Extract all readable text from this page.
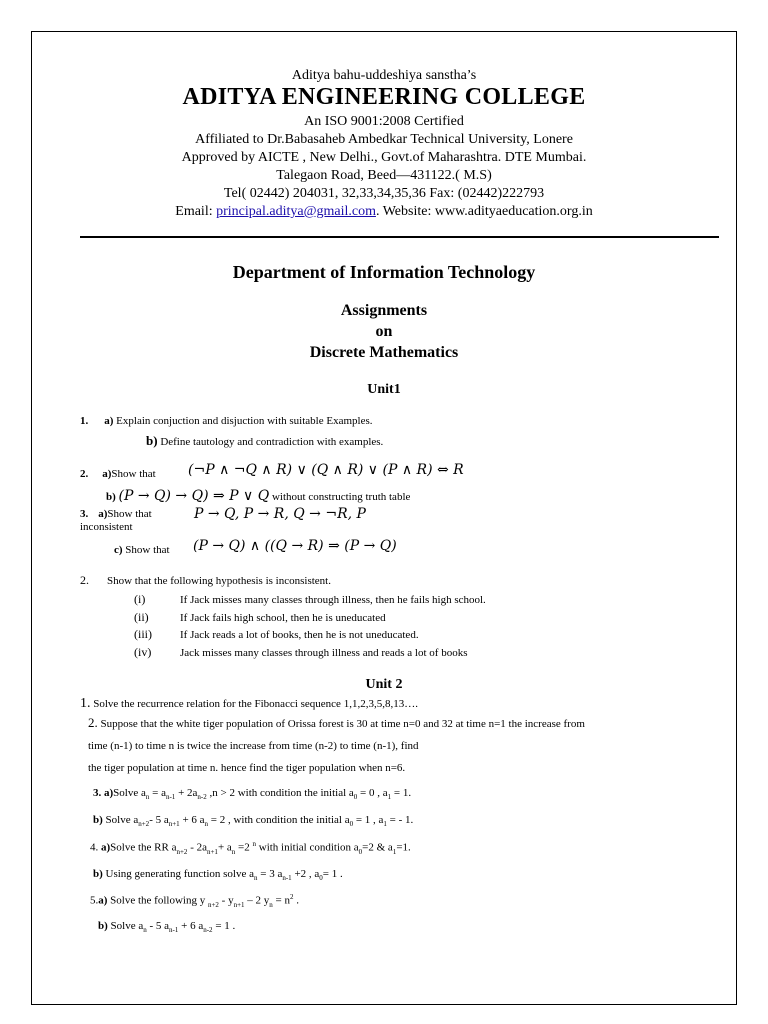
Aditya bahu-uddeshiya sanstha’s
ADITYA ENGINEERING COLLEGE
An ISO 9001:2008 Certified
Affiliated to Dr.Babasaheb Ambedkar Technical University, Lonere
Approved by AICTE , New Delhi., Govt.of Maharashtra. DTE Mumbai.
Talegaon Road, Beed—431122.( M.S)
Tel( 02442) 204031, 32,33,34,35,36 Fax: (02442)222793
Email: principal.aditya@gmail.com. Website: www.adityaeducation.org.in
Department of Information Technology
Assignments
on
Discrete Mathematics
Unit1
1. a) Explain conjuction and disjuction with suitable Examples.
b) Define tautology and contradiction with examples.
2. a)Show that (¬P ∧ ¬Q ∧ R) ∨ (Q ∧ R) ∨ (P ∧ R) ⇔ R
b) (P → Q) → Q) ⇒ P ∨ Q without constructing truth table
3. a)Show that
inconsistent
P → Q, P → R, Q → ¬R, P
c) Show that (P → Q) ∧ ((Q → R) ⇒ (P → Q)
2. Show that the following hypothesis is inconsistent.
(i)	If Jack misses many classes through illness, then he fails high school.
(ii)	If Jack fails high school, then he is uneducated
(iii)	If Jack reads a lot of books, then he is not uneducated.
(iv)	Jack misses many classes through illness and reads a lot of books
Unit 2
1. Solve the recurrence relation for the Fibonacci sequence 1,1,2,3,5,8,13….
2. Suppose that the white tiger population of Orissa forest is 30 at time n=0 and 32 at time n=1 the increase from
time (n-1) to time n is twice the increase from time (n-2) to time (n-1), find
the tiger population at time n. hence find the tiger population when n=6.
3. a)Solve $a_n = a_{n-1} + 2a_{n-2}$ ,n > 2 with condition the initial $a_0 = 0$ , $a_1 = 1$.
b) Solve $a_{n+2}-$ 5 $a_{n+1} + 6$ $a_n = 2$ , with condition the initial $a_0 = 1$ , $a_1$ = - 1.
4. a)Solve the RR $a_{n+2} - 2a_{n+1}+ a_n =2$ $^n$ with initial condition $a_0=2$ & $a_1=1$.
b) Using generating function solve $a_n = 3$ $a_{n-1} +2$ , $a_0= 1$ .
5.a) Solve the following y $_{n+2} - y_{n+1} - 2$ $y_n = n^2$ .
b) Solve $a_n - 5$ $a_{n-1} + 6$ $a_{n-2} = 1$ .
